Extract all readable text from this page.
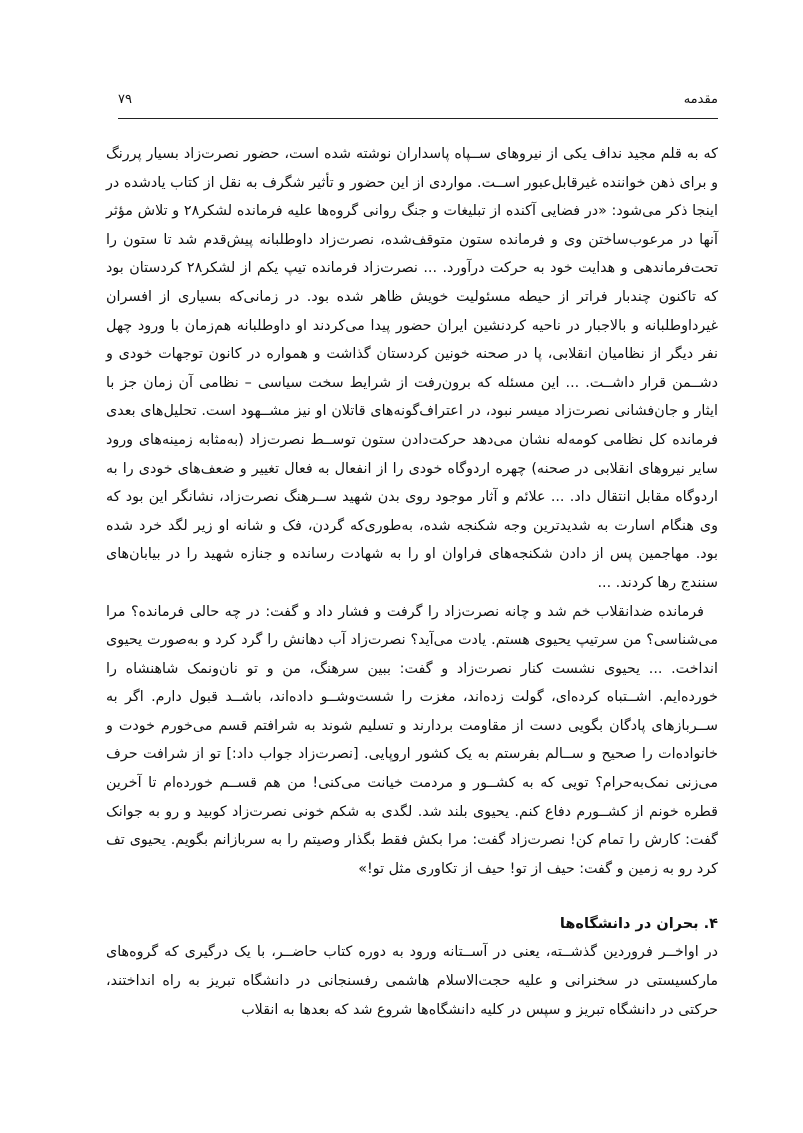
مقدمه
۷۹

که به قلم مجید نداف یکی از نیروهای ســپاه پاسداران نوشته شده است، حضور نصرت‌زاد بسیار پررنگ و برای ذهن خواننده غیرقابل‌عبور اســت. مواردی از این حضور و تأثیر شگرف به نقل از کتاب یادشده در اینجا ذکر می‌شود: «در فضایی آکنده از تبلیغات و جنگ روانی گروه‌ها علیه فرمانده لشکر۲۸ و تلاش مؤثر آنها در مرعوب‌ساختن وی و فرمانده ستون متوقف‌شده، نصرت‌زاد داوطلبانه پیش‌قدم شد تا ستون را تحت‌فرماندهی و هدایت خود به حرکت درآورد. ... نصرت‌زاد فرمانده تیپ یکم از لشکر۲۸ کردستان بود که تاکنون چندبار فراتر از حیطه مسئولیت خویش ظاهر شده بود. در زمانی‌که بسیاری از افسران غیرداوطلبانه و بالاجبار در ناحیه کردنشین ایران حضور پیدا می‌کردند او داوطلبانه هم‌زمان با ورود چهل نفر دیگر از نظامیان انقلابی، پا در صحنه خونین کردستان گذاشت و همواره در کانون توجهات خودی و دشــمن قرار داشــت. ... این مسئله که برون‌رفت از شرایط سخت سیاسی – نظامی آن زمان جز با ایثار و جان‌فشانی نصرت‌زاد میسر نبود، در اعتراف‌گونه‌های قاتلان او نیز مشــهود است. تحلیل‌های بعدی فرمانده کل نظامی کومه‌له نشان می‌دهد حرکت‌دادن ستون توســط نصرت‌زاد (به‌مثابه زمینه‌های ورود سایر نیروهای انقلابی در صحنه) چهره اردوگاه خودی را از انفعال به فعال تغییر و ضعف‌های خودی را به اردوگاه مقابل انتقال داد. ... علائم و آثار موجود روی بدن شهید ســرهنگ نصرت‌زاد، نشانگر این بود که وی هنگام اسارت به شدیدترین وجه شکنجه شده، به‌طوری‌که گردن، فک و شانه او زیر لگد خرد شده بود. مهاجمین پس از دادن شکنجه‌های فراوان او را به شهادت رسانده و جنازه شهید را در بیابان‌های سنندج رها کردند. ...

فرمانده ضدانقلاب خم شد و چانه نصرت‌زاد را گرفت و فشار داد و گفت: در چه حالی فرمانده؟ مرا می‌شناسی؟ من سرتیپ یحیوی هستم. یادت می‌آید؟ نصرت‌زاد آب دهانش را گرد کرد و به‌صورت یحیوی انداخت. ... یحیوی نشست کنار نصرت‌زاد و گفت: ببین سرهنگ، من و تو نان‌ونمک شاهنشاه را خورده‌ایم. اشــتباه کرده‌ای، گولت زده‌اند، مغزت را شست‌وشــو داده‌اند، باشــد قبول دارم. اگر به ســربازهای پادگان بگویی دست از مقاومت بردارند و تسلیم شوند به شرافتم قسم می‌خورم خودت و خانواده‌ات را صحیح و ســالم بفرستم به یک کشور اروپایی. [نصرت‌زاد جواب داد:] تو از شرافت حرف می‌زنی نمک‌به‌حرام؟ تویی که به کشــور و مردمت خیانت می‌کنی! من هم قســم خورده‌ام تا آخرین قطره خونم از کشــورم دفاع کنم. یحیوی بلند شد. لگدی به شکم خونی نصرت‌زاد کوبید و رو به جوانک گفت: کارش را تمام کن! نصرت‌زاد گفت: مرا بکش فقط بگذار وصیتم را به سربازانم بگویم. یحیوی تف کرد رو به زمین و گفت: حیف از تو! حیف از تکاوری مثل تو!»

۴. بحران در دانشگاه‌ها

در اواخــر فروردین گذشــته، یعنی در آســتانه ورود به دوره کتاب حاضــر، با یک درگیری که گروه‌های مارکسیستی در سخنرانی و علیه حجت‌الاسلام هاشمی رفسنجانی در دانشگاه تبریز به راه انداختند، حرکتی در دانشگاه تبریز و سپس در کلیه دانشگاه‌ها شروع شد که بعدها به انقلاب
